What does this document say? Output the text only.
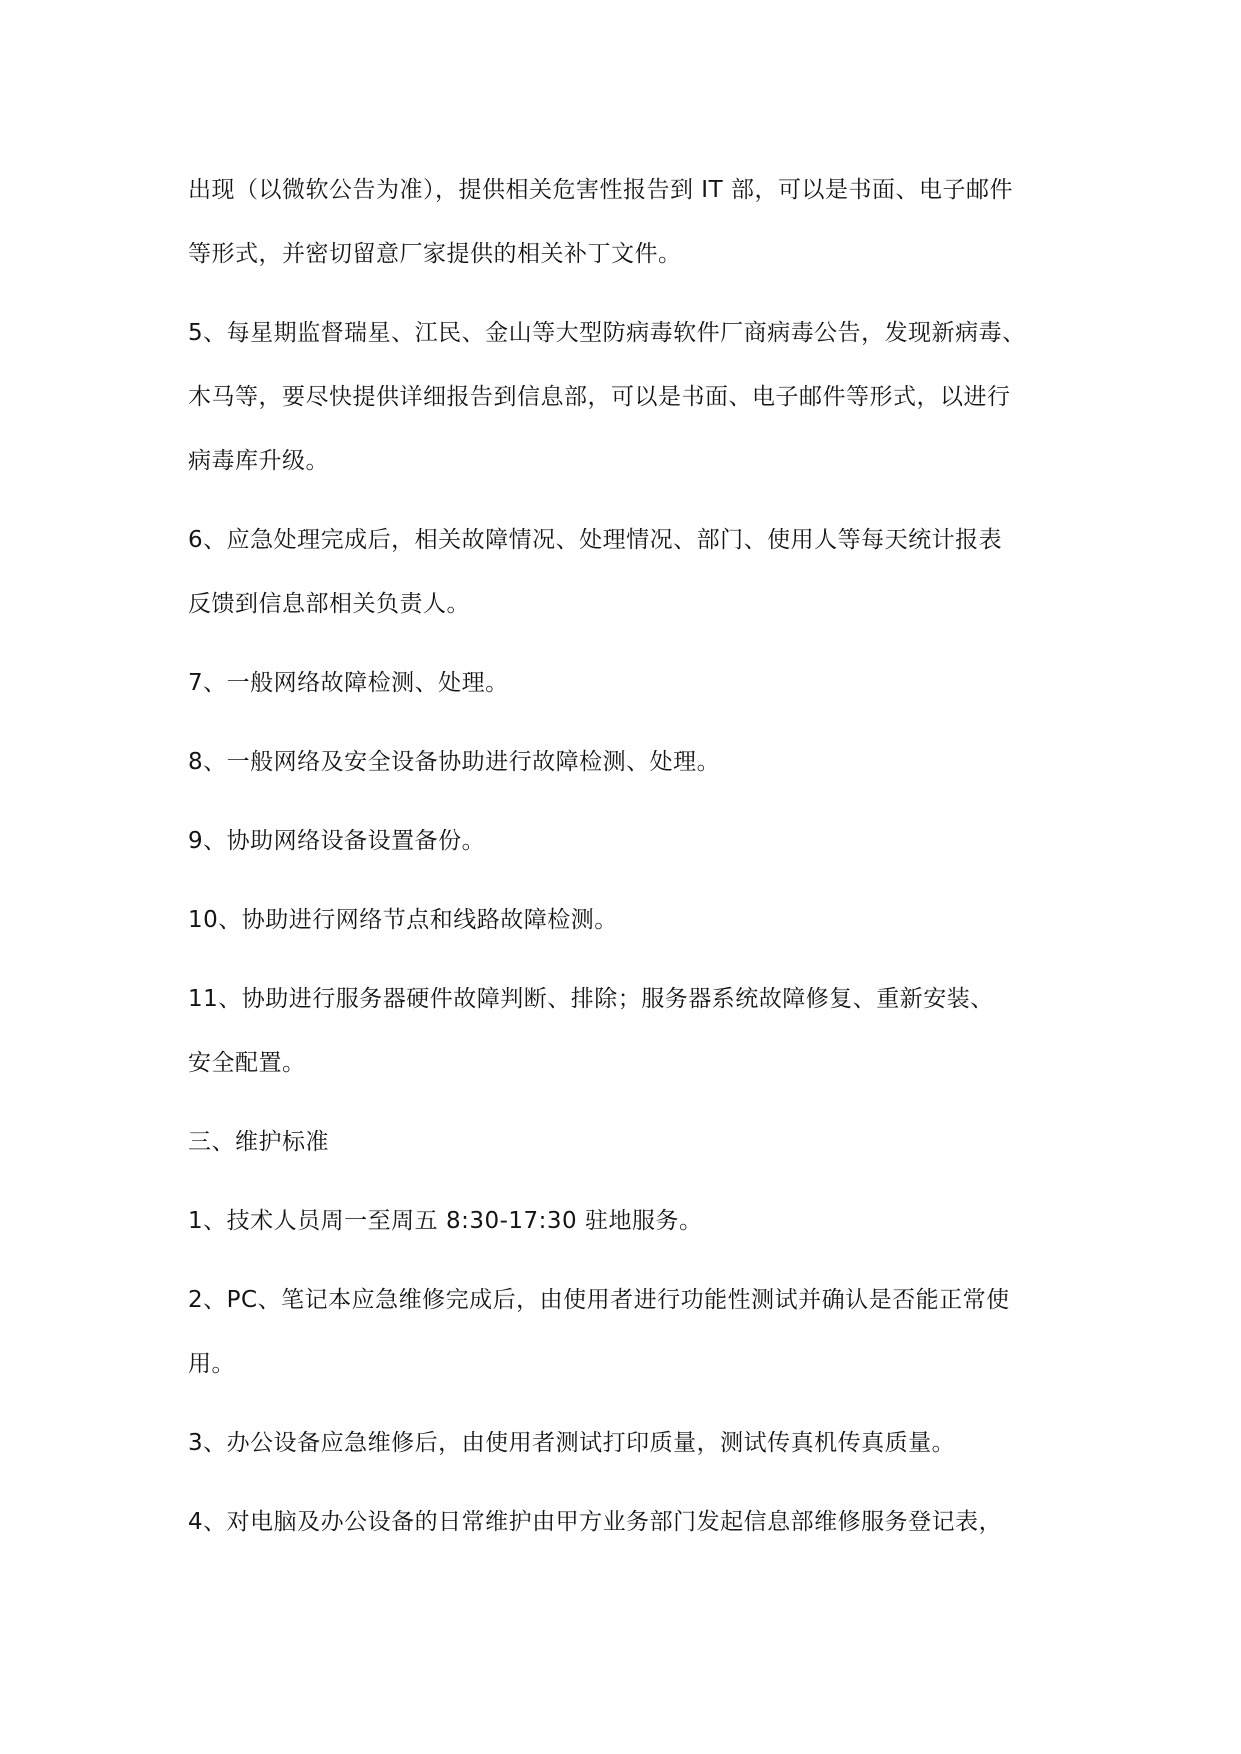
出现（以微软公告为准），提供相关危害性报告到 IT 部，可以是书面、电子邮件
等形式，并密切留意厂家提供的相关补丁文件。
5、每星期监督瑞星、江民、金山等大型防病毒软件厂商病毒公告，发现新病毒、
木马等，要尽快提供详细报告到信息部，可以是书面、电子邮件等形式，以进行
病毒库升级。
6、应急处理完成后，相关故障情况、处理情况、部门、使用人等每天统计报表
反馈到信息部相关负责人。
7、一般网络故障检测、处理。
8、一般网络及安全设备协助进行故障检测、处理。
9、协助网络设备设置备份。
10、协助进行网络节点和线路故障检测。
11、协助进行服务器硬件故障判断、排除；服务器系统故障修复、重新安装、
安全配置。
三、维护标准
1、技术人员周一至周五 8:30-17:30 驻地服务。
2、PC、笔记本应急维修完成后，由使用者进行功能性测试并确认是否能正常使
用。
3、办公设备应急维修后，由使用者测试打印质量，测试传真机传真质量。
4、对电脑及办公设备的日常维护由甲方业务部门发起信息部维修服务登记表，
